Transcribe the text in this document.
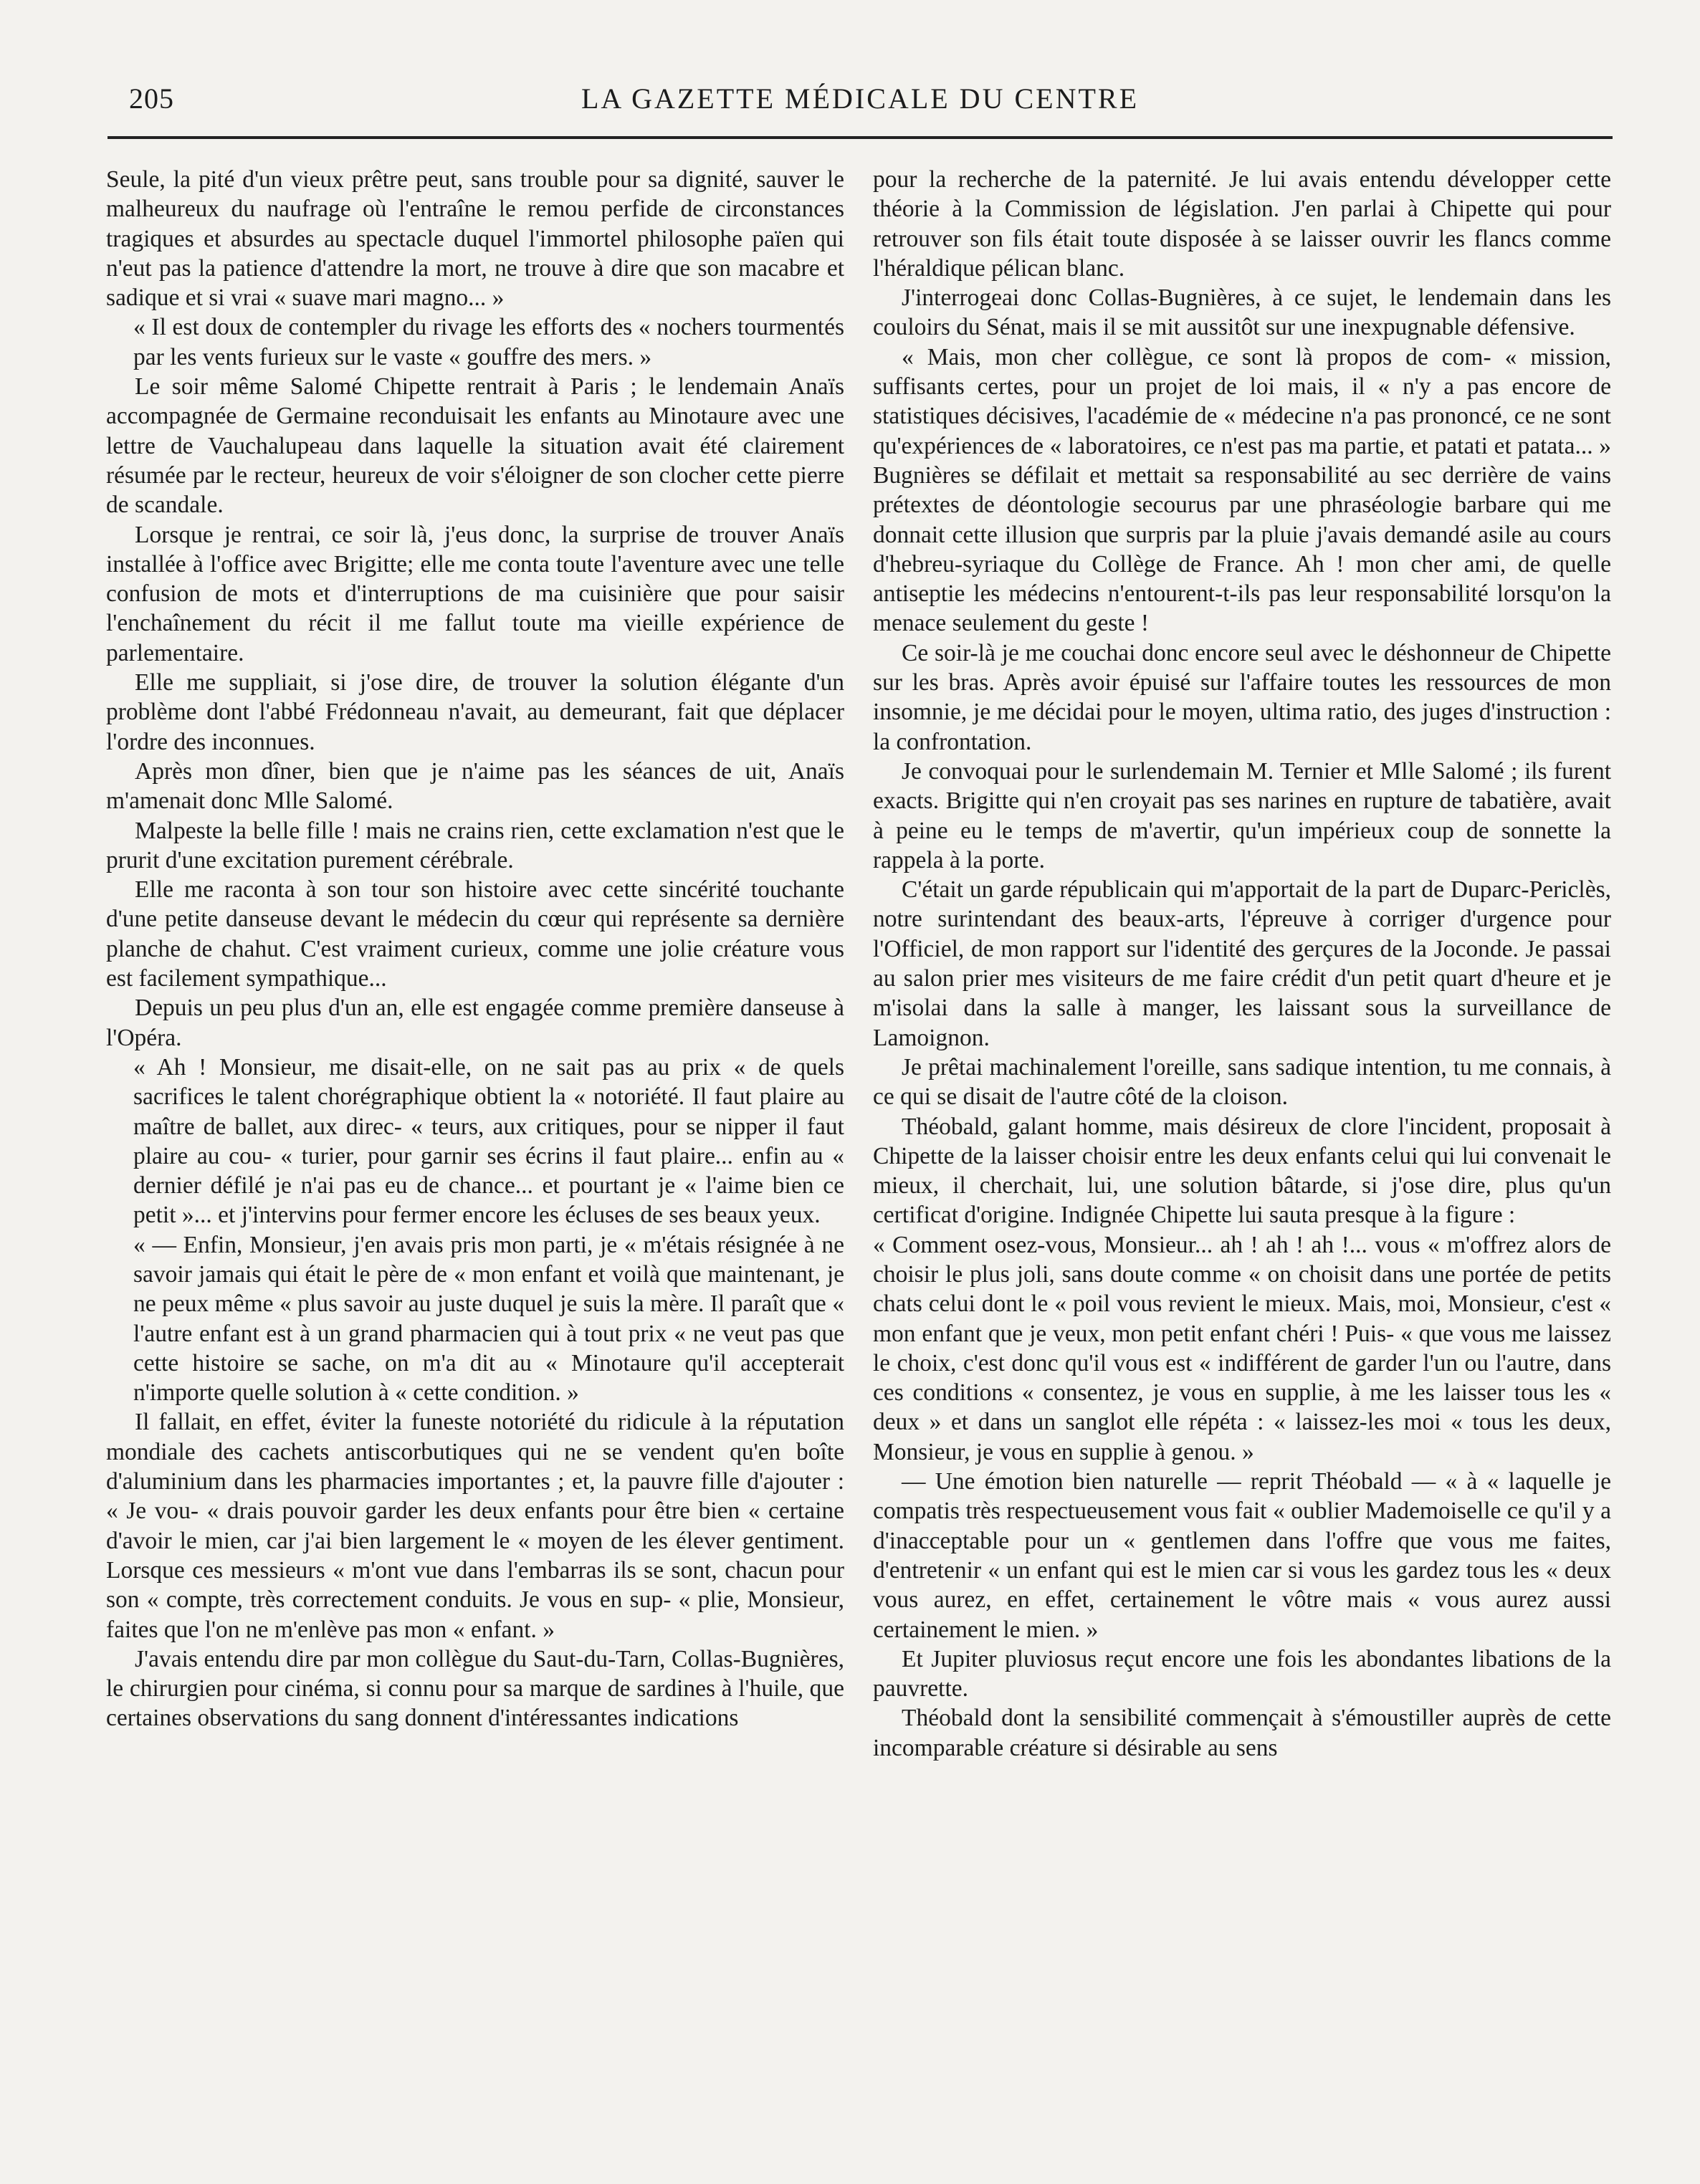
205	LA GAZETTE MÉDICALE DU CENTRE

Seule, la pité d'un vieux prêtre peut, sans trouble pour sa dignité, sauver le malheureux du naufrage où l'entraîne le remou perfide de circonstances tragiques et absurdes au spectacle duquel l'immortel philosophe païen qui n'eut pas la patience d'attendre la mort, ne trouve à dire que son macabre et sadique et si vrai « suave mari magno... »

« Il est doux de contempler du rivage les efforts des « nochers tourmentés par les vents furieux sur le vaste « gouffre des mers. »

Le soir même Salomé Chipette rentrait à Paris ; le lendemain Anaïs accompagnée de Germaine reconduisait les enfants au Minotaure avec une lettre de Vauchalupeau dans laquelle la situation avait été clairement résumée par le recteur, heureux de voir s'éloigner de son clocher cette pierre de scandale.

Lorsque je rentrai, ce soir là, j'eus donc, la surprise de trouver Anaïs installée à l'office avec Brigitte; elle me conta toute l'aventure avec une telle confusion de mots et d'interruptions de ma cuisinière que pour saisir l'enchaînement du récit il me fallut toute ma vieille expérience de parlementaire.

Elle me suppliait, si j'ose dire, de trouver la solution élégante d'un problème dont l'abbé Frédonneau n'avait, au demeurant, fait que déplacer l'ordre des inconnues.

Après mon dîner, bien que je n'aime pas les séances de uit, Anaïs m'amenait donc Mlle Salomé.

Malpeste la belle fille ! mais ne crains rien, cette exclamation n'est que le prurit d'une excitation purement cérébrale.

Elle me raconta à son tour son histoire avec cette sincérité touchante d'une petite danseuse devant le médecin du cœur qui représente sa dernière planche de chahut. C'est vraiment curieux, comme une jolie créature vous est facilement sympathique...

Depuis un peu plus d'un an, elle est engagée comme première danseuse à l'Opéra.

« Ah ! Monsieur, me disait-elle, on ne sait pas au prix « de quels sacrifices le talent chorégraphique obtient la « notoriété. Il faut plaire au maître de ballet, aux direc- « teurs, aux critiques, pour se nipper il faut plaire au cou- « turier, pour garnir ses écrins il faut plaire... enfin au « dernier défilé je n'ai pas eu de chance... et pourtant je « l'aime bien ce petit »... et j'intervins pour fermer encore les écluses de ses beaux yeux.

« — Enfin, Monsieur, j'en avais pris mon parti, je « m'étais résignée à ne savoir jamais qui était le père de « mon enfant et voilà que maintenant, je ne peux même « plus savoir au juste duquel je suis la mère. Il paraît que « l'autre enfant est à un grand pharmacien qui à tout prix « ne veut pas que cette histoire se sache, on m'a dit au « Minotaure qu'il accepterait n'importe quelle solution à « cette condition. »

Il fallait, en effet, éviter la funeste notoriété du ridicule à la réputation mondiale des cachets antiscorbutiques qui ne se vendent qu'en boîte d'aluminium dans les pharmacies importantes ; et, la pauvre fille d'ajouter : « Je vou- « drais pouvoir garder les deux enfants pour être bien « certaine d'avoir le mien, car j'ai bien largement le « moyen de les élever gentiment. Lorsque ces messieurs « m'ont vue dans l'embarras ils se sont, chacun pour son « compte, très correctement conduits. Je vous en sup- « plie, Monsieur, faites que l'on ne m'enlève pas mon « enfant. »

J'avais entendu dire par mon collègue du Saut-du-Tarn, Collas-Bugnières, le chirurgien pour cinéma, si connu pour sa marque de sardines à l'huile, que certaines observations du sang donnent d'intéressantes indications

pour la recherche de la paternité. Je lui avais entendu développer cette théorie à la Commission de législation. J'en parlai à Chipette qui pour retrouver son fils était toute disposée à se laisser ouvrir les flancs comme l'héraldique pélican blanc.

J'interrogeai donc Collas-Bugnières, à ce sujet, le lendemain dans les couloirs du Sénat, mais il se mit aussitôt sur une inexpugnable défensive.

« Mais, mon cher collègue, ce sont là propos de com- « mission, suffisants certes, pour un projet de loi mais, il « n'y a pas encore de statistiques décisives, l'académie de « médecine n'a pas prononcé, ce ne sont qu'expériences de « laboratoires, ce n'est pas ma partie, et patati et patata... » Bugnières se défilait et mettait sa responsabilité au sec derrière de vains prétextes de déontologie secourus par une phraséologie barbare qui me donnait cette illusion que surpris par la pluie j'avais demandé asile au cours d'hebreu-syriaque du Collège de France. Ah ! mon cher ami, de quelle antiseptie les médecins n'entourent-t-ils pas leur responsabilité lorsqu'on la menace seulement du geste !

Ce soir-là je me couchai donc encore seul avec le déshonneur de Chipette sur les bras. Après avoir épuisé sur l'affaire toutes les ressources de mon insomnie, je me décidai pour le moyen, ultima ratio, des juges d'instruction : la confrontation.

Je convoquai pour le surlendemain M. Ternier et Mlle Salomé ; ils furent exacts. Brigitte qui n'en croyait pas ses narines en rupture de tabatière, avait à peine eu le temps de m'avertir, qu'un impérieux coup de sonnette la rappela à la porte.

C'était un garde républicain qui m'apportait de la part de Duparc-Periclès, notre surintendant des beaux-arts, l'épreuve à corriger d'urgence pour l'Officiel, de mon rapport sur l'identité des gerçures de la Joconde. Je passai au salon prier mes visiteurs de me faire crédit d'un petit quart d'heure et je m'isolai dans la salle à manger, les laissant sous la surveillance de Lamoignon.

Je prêtai machinalement l'oreille, sans sadique intention, tu me connais, à ce qui se disait de l'autre côté de la cloison.

Théobald, galant homme, mais désireux de clore l'incident, proposait à Chipette de la laisser choisir entre les deux enfants celui qui lui convenait le mieux, il cherchait, lui, une solution bâtarde, si j'ose dire, plus qu'un certificat d'origine. Indignée Chipette lui sauta presque à la figure :

« Comment osez-vous, Monsieur... ah ! ah ! ah !... vous « m'offrez alors de choisir le plus joli, sans doute comme « on choisit dans une portée de petits chats celui dont le « poil vous revient le mieux. Mais, moi, Monsieur, c'est « mon enfant que je veux, mon petit enfant chéri ! Puis- « que vous me laissez le choix, c'est donc qu'il vous est « indifférent de garder l'un ou l'autre, dans ces conditions « consentez, je vous en supplie, à me les laisser tous les « deux » et dans un sanglot elle répéta : « laissez-les moi « tous les deux, Monsieur, je vous en supplie à genou. »

— Une émotion bien naturelle — reprit Théobald — « à « laquelle je compatis très respectueusement vous fait « oublier Mademoiselle ce qu'il y a d'inacceptable pour un « gentlemen dans l'offre que vous me faites, d'entretenir « un enfant qui est le mien car si vous les gardez tous les « deux vous aurez, en effet, certainement le vôtre mais « vous aurez aussi certainement le mien. »

Et Jupiter pluviosus reçut encore une fois les abondantes libations de la pauvrette.

Théobald dont la sensibilité commençait à s'émoustiller auprès de cette incomparable créature si désirable au sens
